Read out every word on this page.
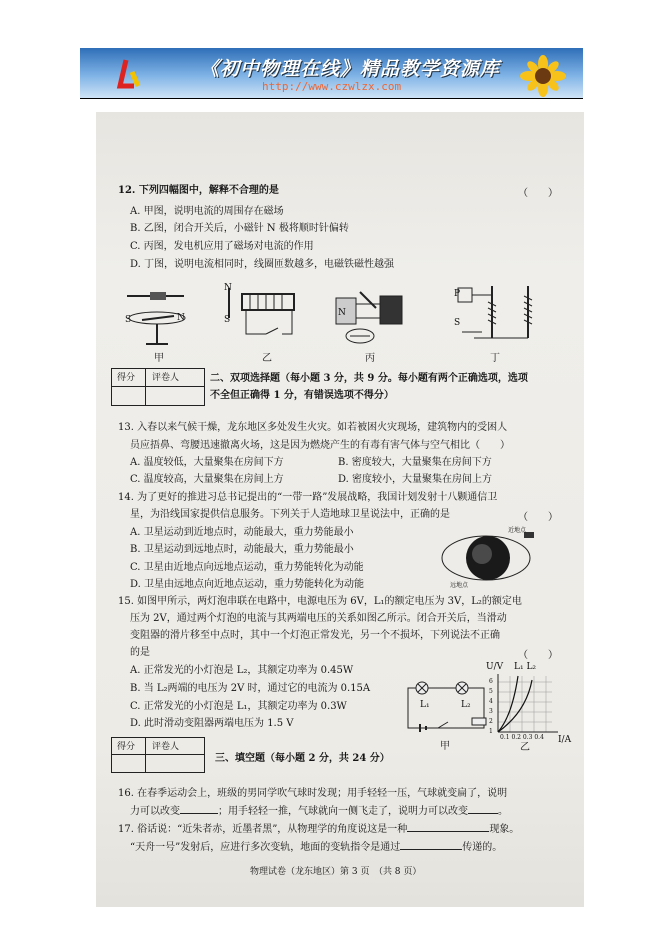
《初中物理在线》精品教学资源库
http://www.czwlzx.com
12. 下列四幅图中，解释不合理的是	（　　）
A. 甲图，说明电流的周围存在磁场
B. 乙图，闭合开关后，小磁针 N 极将顺时针偏转
C. 丙图，发电机应用了磁场对电流的作用
D. 丁图，说明电流相同时，线圈匝数越多，电磁铁磁性越强
S	N
甲
N
S
乙
N
丙
P
S
丁
得分 评卷人	二、双项选择题（每小题 3 分，共 9 分。每小题有两个正确选项，选项
不全但正确得 1 分，有错误选项不得分）
13. 入春以来气候干燥，龙东地区多处发生火灾。如若被困火灾现场，建筑物内的受困人
员应捂鼻、弯腰迅速撤离火场，这是因为燃烧产生的有毒有害气体与空气相比（　　）
A. 温度较低，大量聚集在房间下方	B. 密度较大，大量聚集在房间下方
C. 温度较高，大量聚集在房间上方	D. 密度较小，大量聚集在房间上方
14. 为了更好的推进习总书记提出的“一带一路”发展战略，我国计划发射十八颗通信卫
星，为沿线国家提供信息服务。下列关于人造地球卫星说法中，正确的是	（　　）
A. 卫星运动到近地点时，动能最大，重力势能最小
B. 卫星运动到远地点时，动能最大，重力势能最小
C. 卫星由近地点向远地点运动，重力势能转化为动能
D. 卫星由远地点向近地点运动，重力势能转化为动能
近地点
远地点
15. 如图甲所示，两灯泡串联在电路中，电源电压为 6V，L₁的额定电压为 3V，L₂的额定电
压为 2V，通过两个灯泡的电流与其两端电压的关系如图乙所示。闭合开关后，当滑动
变阻器的滑片移至中点时，其中一个灯泡正常发光，另一个不损坏，下列说法不正确
的是	（　　）
A. 正常发光的小灯泡是 L₂，其额定功率为 0.45W
B. 当 L₂两端的电压为 2V 时，通过它的电流为 0.15A
C. 正常发光的小灯泡是 L₁，其额定功率为 0.3W
D. 此时滑动变阻器两端电压为 1.5 V
L₁	L₂
甲
U/V L₁ L₂
6
5
4
3
2
1
0.1 0.2 0.3 0.4 I/A
乙
得分 评卷人
三、填空题（每小题 2 分，共 24 分）
16. 在春季运动会上，班级的男同学吹气球时发现；用手轻轻一压，气球就变扁了，说明
力可以改变	；用手轻轻一推，气球就向一侧飞走了，说明力可以改变	。
17. 俗话说：“近朱者赤，近墨者黑”，从物理学的角度说这是一种	现象。
“天舟一号”发射后，应进行多次变轨，地面的变轨指令是通过	传递的。
物理试卷（龙东地区）第 3 页　（共 8 页）
